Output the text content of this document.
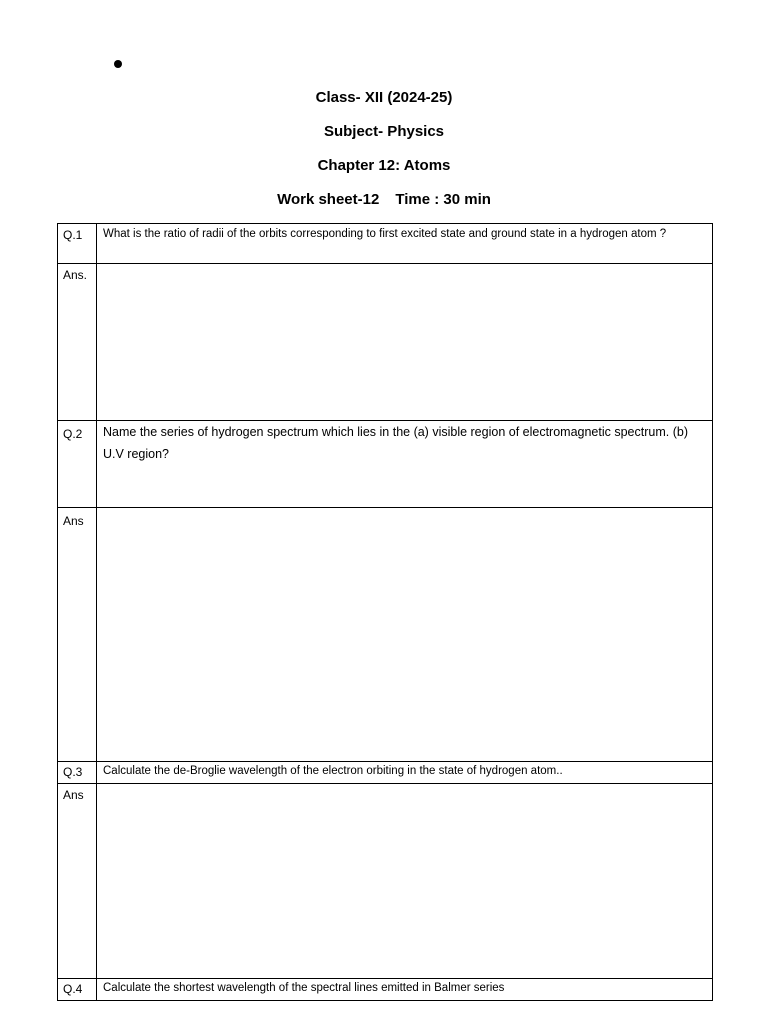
Class- XII (2024-25)
Subject- Physics
Chapter 12: Atoms
Work sheet-12 Time : 30 min
Q.1	What is the ratio of radii of the orbits corresponding to first excited state and ground state in a hydrogen atom ?
Ans.	
Q.2	Name the series of hydrogen spectrum which lies in the (a) visible region of electromagnetic spectrum. (b) U.V region?
Ans	
Q.3	Calculate the de-Broglie wavelength of the electron orbiting in the state of hydrogen atom..
Ans	
Q.4	Calculate the shortest wavelength of the spectral lines emitted in Balmer series
